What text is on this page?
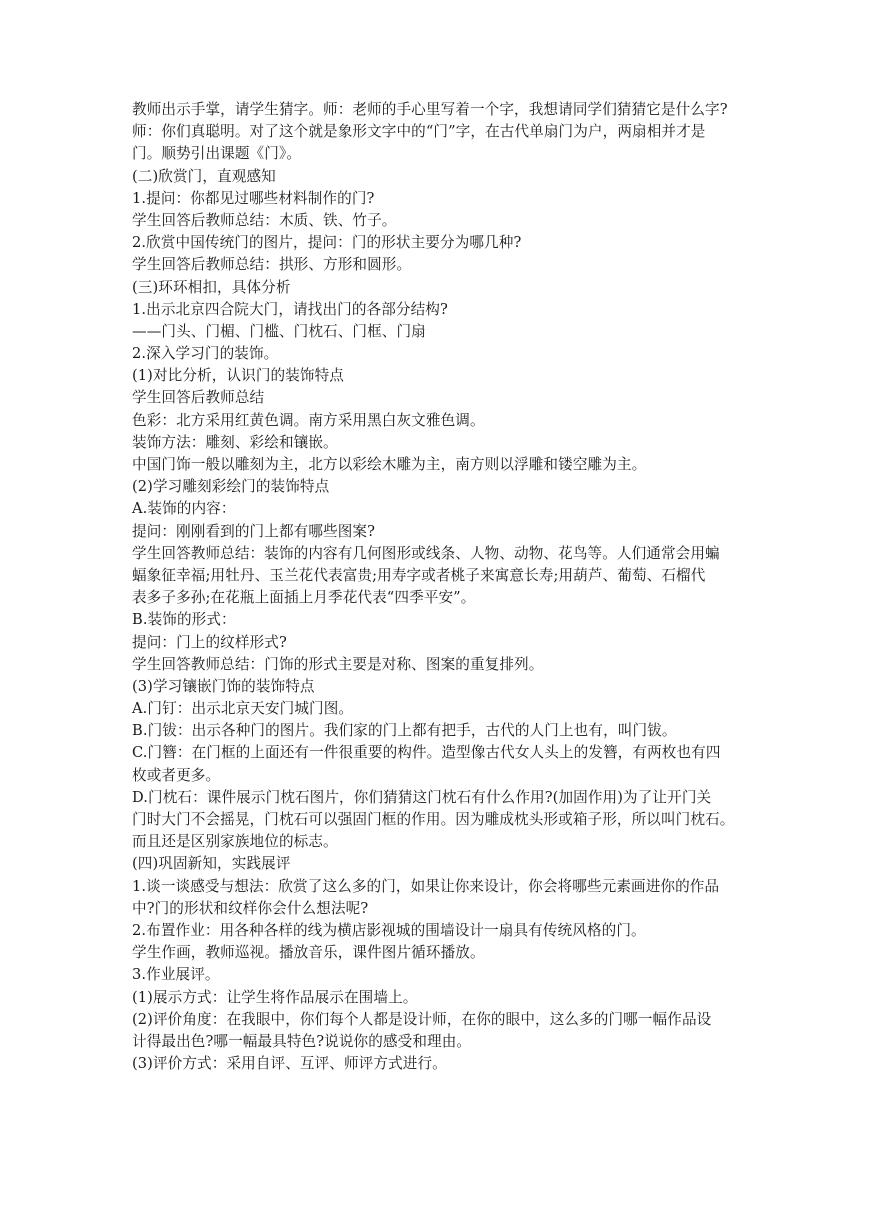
教师出示手掌，请学生猜字。师：老师的手心里写着一个字，我想请同学们猜猜它是什么字?
师：你们真聪明。对了这个就是象形文字中的“门”字，在古代单扇门为户，两扇相并才是
门。顺势引出课题《门》。
(二)欣赏门，直观感知
1.提问：你都见过哪些材料制作的门?
学生回答后教师总结：木质、铁、竹子。
2.欣赏中国传统门的图片，提问：门的形状主要分为哪几种?
学生回答后教师总结：拱形、方形和圆形。
(三)环环相扣，具体分析
1.出示北京四合院大门，请找出门的各部分结构?
——门头、门楣、门槛、门枕石、门框、门扇
2.深入学习门的装饰。
(1)对比分析，认识门的装饰特点
学生回答后教师总结
色彩：北方采用红黄色调。南方采用黑白灰文雅色调。
装饰方法：雕刻、彩绘和镶嵌。
中国门饰一般以雕刻为主，北方以彩绘木雕为主，南方则以浮雕和镂空雕为主。
(2)学习雕刻彩绘门的装饰特点
A.装饰的内容：
提问：刚刚看到的门上都有哪些图案?
学生回答教师总结：装饰的内容有几何图形或线条、人物、动物、花鸟等。人们通常会用蝙
蝠象征幸福;用牡丹、玉兰花代表富贵;用寿字或者桃子来寓意长寿;用葫芦、葡萄、石榴代
表多子多孙;在花瓶上面插上月季花代表“四季平安”。
B.装饰的形式：
提问：门上的纹样形式?
学生回答教师总结：门饰的形式主要是对称、图案的重复排列。
(3)学习镶嵌门饰的装饰特点
A.门钉：出示北京天安门城门图。
B.门钹：出示各种门的图片。我们家的门上都有把手，古代的人门上也有，叫门钹。
C.门簪：在门框的上面还有一件很重要的构件。造型像古代女人头上的发簪，有两枚也有四
枚或者更多。
D.门枕石：课件展示门枕石图片，你们猜猜这门枕石有什么作用?(加固作用)为了让开门关
门时大门不会摇晃，门枕石可以强固门框的作用。因为雕成枕头形或箱子形，所以叫门枕石。
而且还是区别家族地位的标志。
(四)巩固新知，实践展评
1.谈一谈感受与想法：欣赏了这么多的门，如果让你来设计，你会将哪些元素画进你的作品
中?门的形状和纹样你会什么想法呢?
2.布置作业：用各种各样的线为横店影视城的围墙设计一扇具有传统风格的门。
学生作画，教师巡视。播放音乐，课件图片循环播放。
3.作业展评。
(1)展示方式：让学生将作品展示在围墙上。
(2)评价角度：在我眼中，你们每个人都是设计师，在你的眼中，这么多的门哪一幅作品设
计得最出色?哪一幅最具特色?说说你的感受和理由。
(3)评价方式：采用自评、互评、师评方式进行。
